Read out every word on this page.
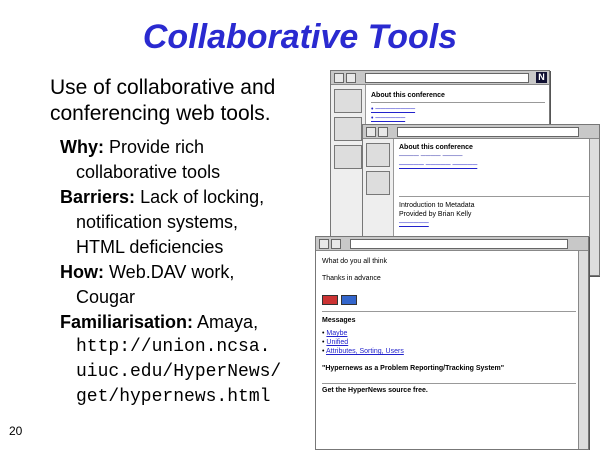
Collaborative Tools
Use of collaborative and conferencing web tools.

Why: Provide rich
collaborative tools

Barriers: Lack of locking,
notification systems,
HTML deficiencies

How: Web.DAV work,
Cougar

Familiarisation: Amaya,
http://union.ncsa.
uiuc.edu/HyperNews/
get/hypernews.html

20
N
About this conference
• ────────
• ──────
About this conference
──── ──── ────
───── ───── ─────
Introduction to Metadata
Provided by Brian Kelly
──────
What do you all think
Thanks in advance
Messages
• Maybe
• Unified
• Attributes, Sorting, Users
"Hypernews as a Problem Reporting/Tracking System"
Get the HyperNews source free.
